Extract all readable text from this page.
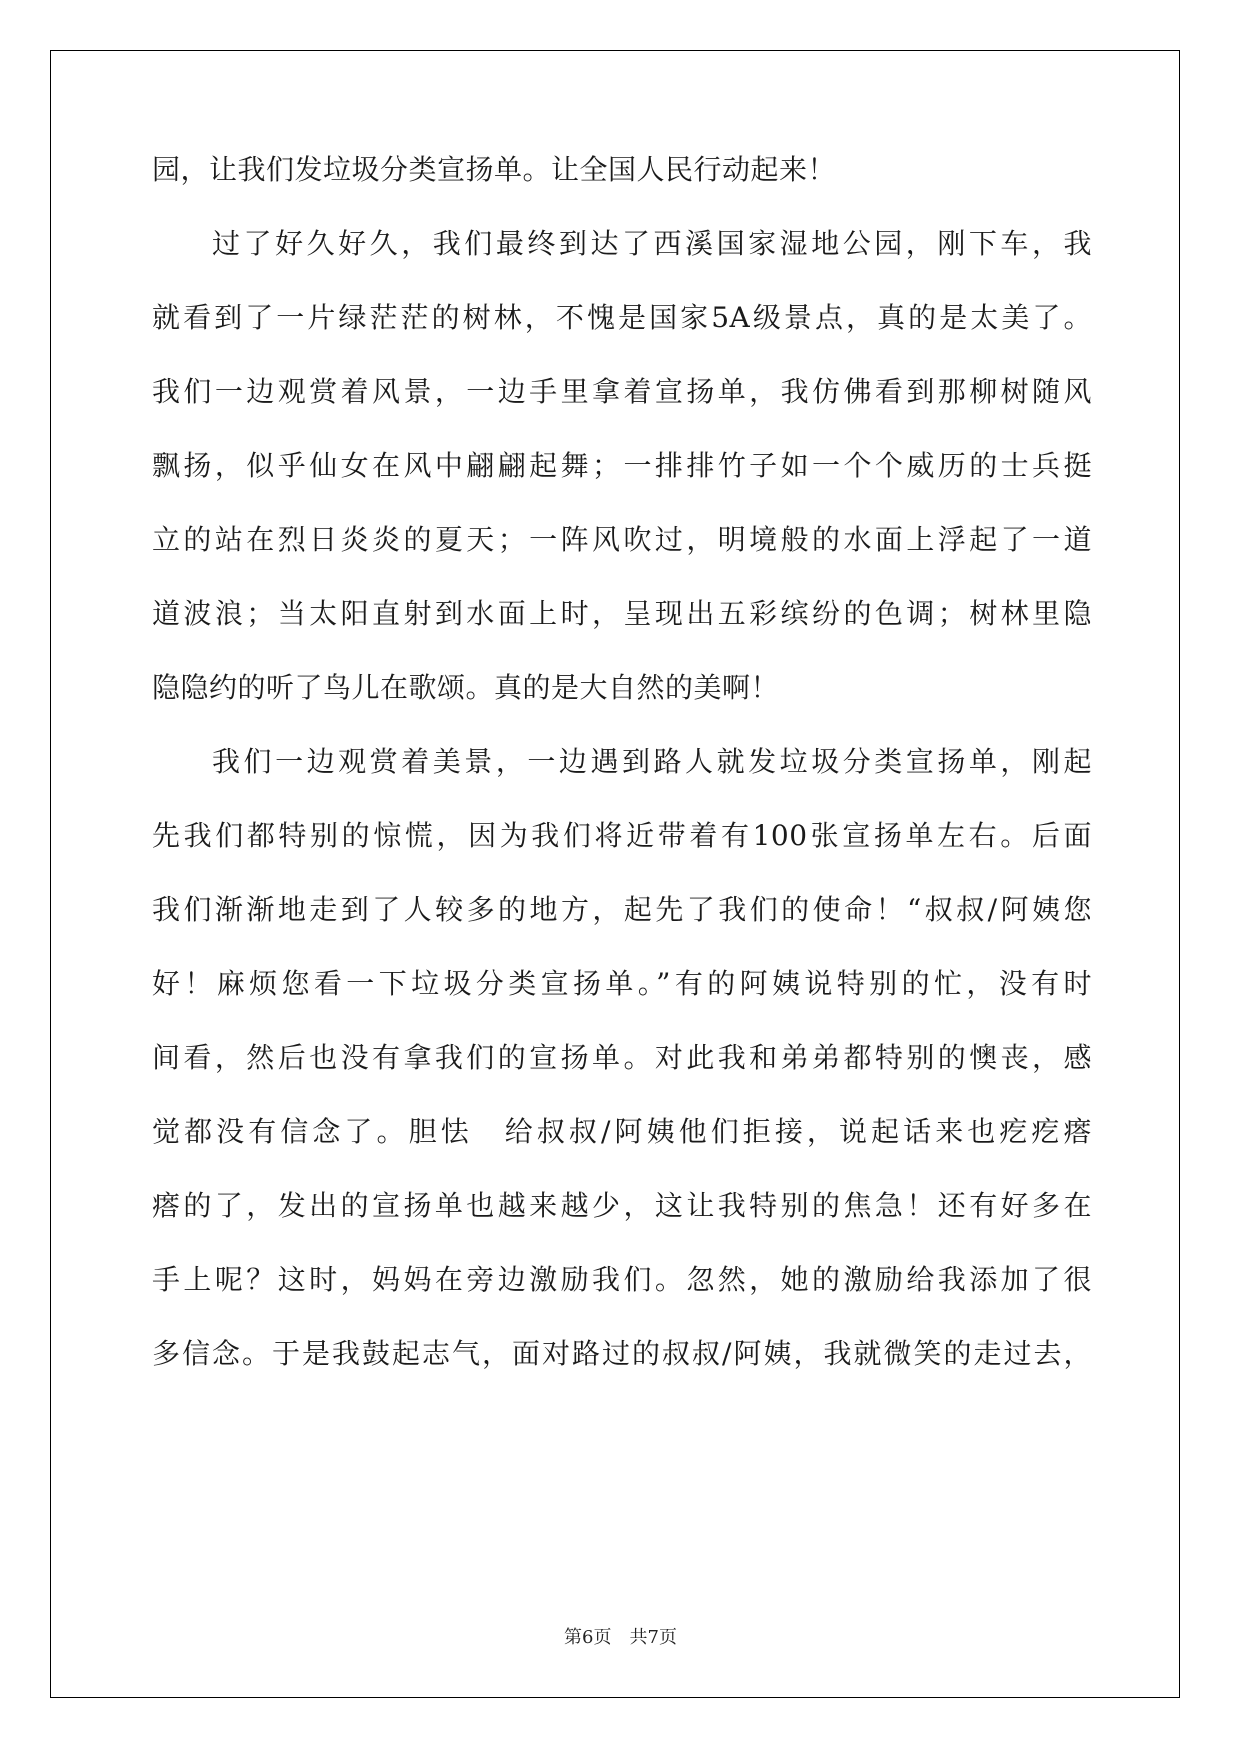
园，让我们发垃圾分类宣扬单。让全国人民行动起来！
过了好久好久，我们最终到达了西溪国家湿地公园，刚下车，我
就看到了一片绿茫茫的树林，不愧是国家5A级景点，真的是太美了。
我们一边观赏着风景，一边手里拿着宣扬单，我仿佛看到那柳树随风
飘扬，似乎仙女在风中翩翩起舞；一排排竹子如一个个威历的士兵挺
立的站在烈日炎炎的夏天；一阵风吹过，明境般的水面上浮起了一道
道波浪；当太阳直射到水面上时，呈现出五彩缤纷的色调；树林里隐
隐隐约的听了鸟儿在歌颂。真的是大自然的美啊！
我们一边观赏着美景，一边遇到路人就发垃圾分类宣扬单，刚起
先我们都特别的惊慌，因为我们将近带着有100张宣扬单左右。后面
我们渐渐地走到了人较多的地方，起先了我们的使命！“叔叔/阿姨您
好！麻烦您看一下垃圾分类宣扬单。”有的阿姨说特别的忙，没有时
间看，然后也没有拿我们的宣扬单。对此我和弟弟都特别的懊丧，感
觉都没有信念了。胆怯　给叔叔/阿姨他们拒接，说起话来也疙疙瘩
瘩的了，发出的宣扬单也越来越少，这让我特别的焦急！还有好多在
手上呢？这时，妈妈在旁边激励我们。忽然，她的激励给我添加了很
多信念。于是我鼓起志气，面对路过的叔叔/阿姨，我就微笑的走过去，
第6页　共7页
